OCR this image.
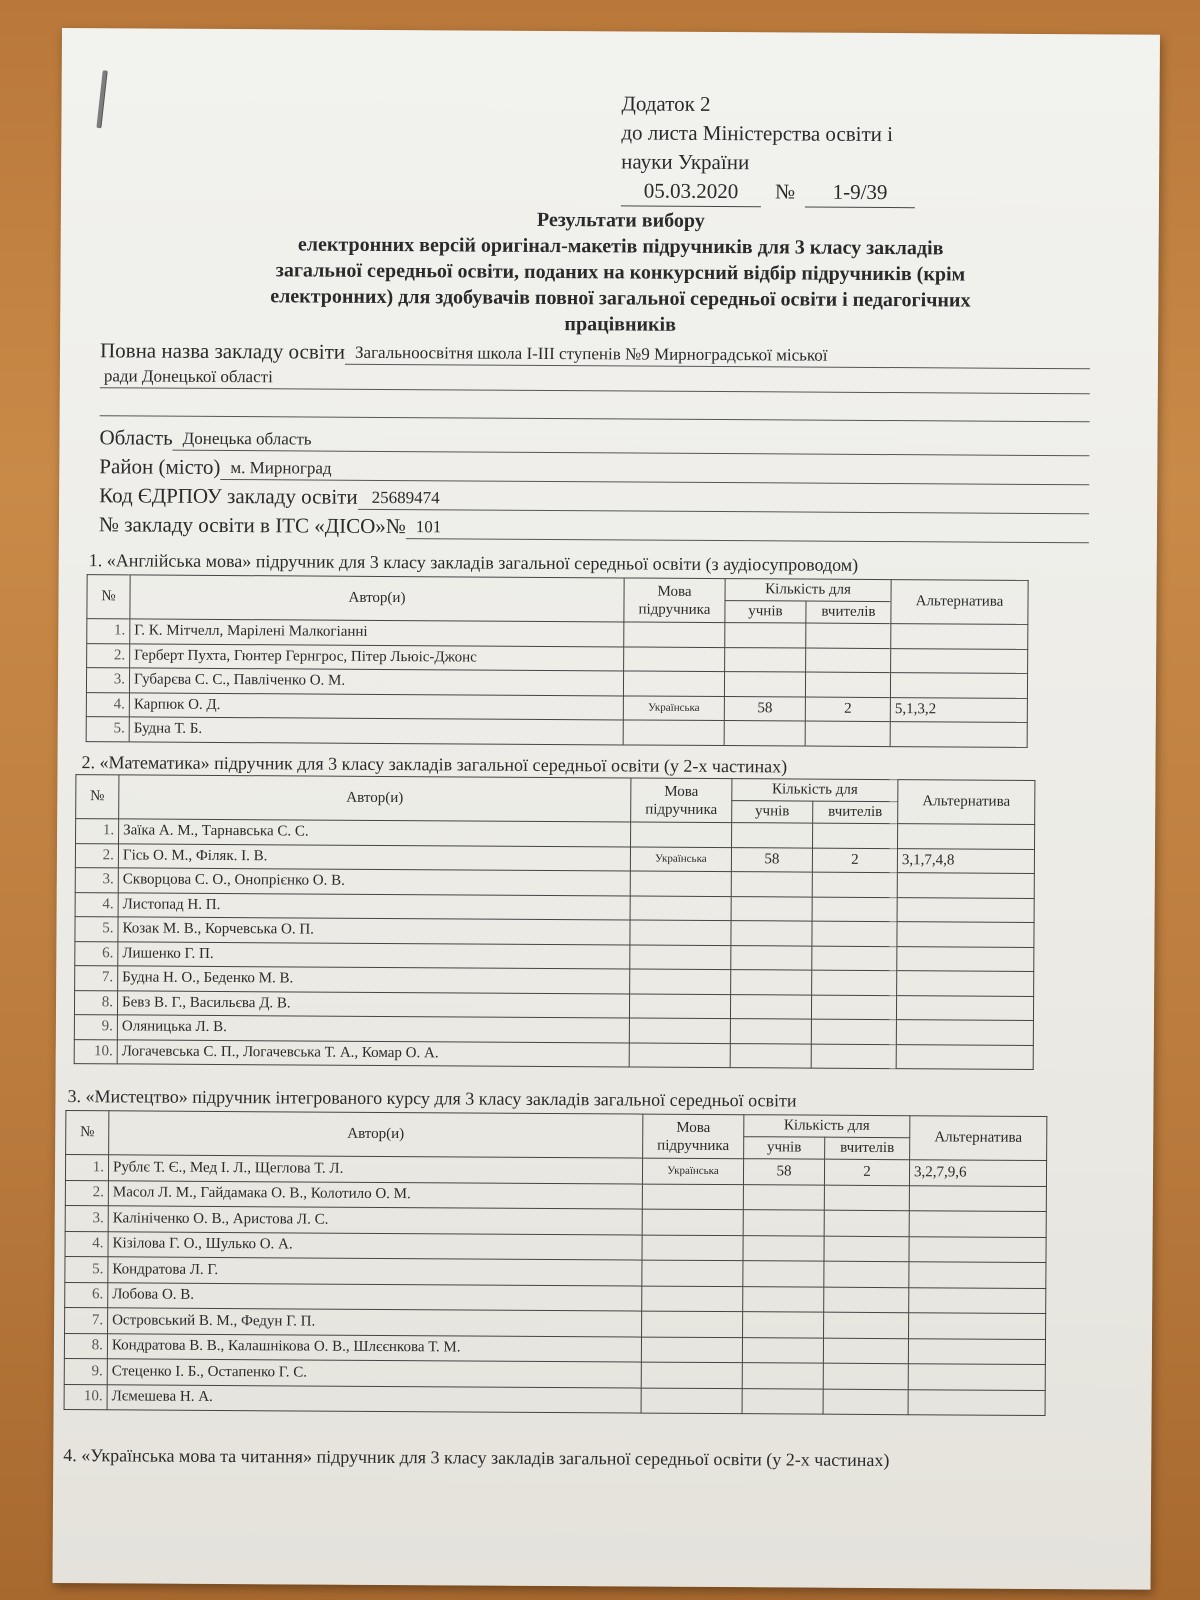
Додаток 2
до листа Міністерства освіти і
науки України
05.03.2020	№	1-9/39
Результати вибору
електронних версій оригінал-макетів підручників для 3 класу закладів
загальної середньої освіти, поданих на конкурсний відбір підручників (крім
електронних) для здобувачів повної загальної середньої освіти і педагогічних
працівників
Повна назва закладу освіти Загальноосвітня школа І-ІІІ ступенів №9 Мирноградської міської
ради Донецької області
Область Донецька область
Район (місто) м. Мирноград
Код ЄДРПОУ закладу освіти 25689474
№ закладу освіти в ІТС «ДІСО»№ 101
1. «Англійська мова» підручник для 3 класу закладів загальної середньої освіти (з аудіосупроводом)
№	Автор(и)	Мова підручника	Кількість для		Альтернатива
			учнів	вчителів	
1.	Г. К. Мітчелл, Марілені Малкогіанні				
2.	Герберт Пухта, Гюнтер Гернгрос, Пітер Льюіс-Джонс				
3.	Губарєва С. С., Павліченко О. М.				
4.	Карпюк О. Д.	Українська	58	2	5,1,3,2
5.	Будна Т. Б.				
2. «Математика» підручник для 3 класу закладів загальної середньої освіти (у 2-х частинах)
№	Автор(и)	Мова підручника	Кількість для		Альтернатива
			учнів	вчителів	
1.	Заїка А. М., Тарнавська С. С.				
2.	Гісь О. М., Філяк. І. В.	Українська	58	2	3,1,7,4,8
3.	Скворцова С. О., Онопрієнко О. В.				
4.	Листопад Н. П.				
5.	Козак М. В., Корчевська О. П.				
6.	Лишенко Г. П.				
7.	Будна Н. О., Беденко М. В.				
8.	Бевз В. Г., Васильєва Д. В.				
9.	Оляницька Л. В.				
10.	Логачевська С. П., Логачевська Т. А., Комар О. А.				
3. «Мистецтво» підручник інтегрованого курсу для 3 класу закладів загальної середньої освіти
№	Автор(и)	Мова підручника	Кількість для		Альтернатива
			учнів	вчителів	
1.	Рублє Т. Є., Мед І. Л., Щеглова Т. Л.	Українська	58	2	3,2,7,9,6
2.	Масол Л. М., Гайдамака О. В., Колотило О. М.				
3.	Калініченко О. В., Аристова Л. С.				
4.	Кізілова Г. О., Шулько О. А.				
5.	Кондратова Л. Г.				
6.	Лобова О. В.				
7.	Островський В. М., Федун Г. П.				
8.	Кондратова В. В., Калашнікова О. В., Шлєєнкова Т. М.				
9.	Стеценко І. Б., Остапенко Г. С.				
10.	Лємешева Н. А.				
4. «Українська мова та читання» підручник для 3 класу закладів загальної середньої освіти (у 2-х частинах)
